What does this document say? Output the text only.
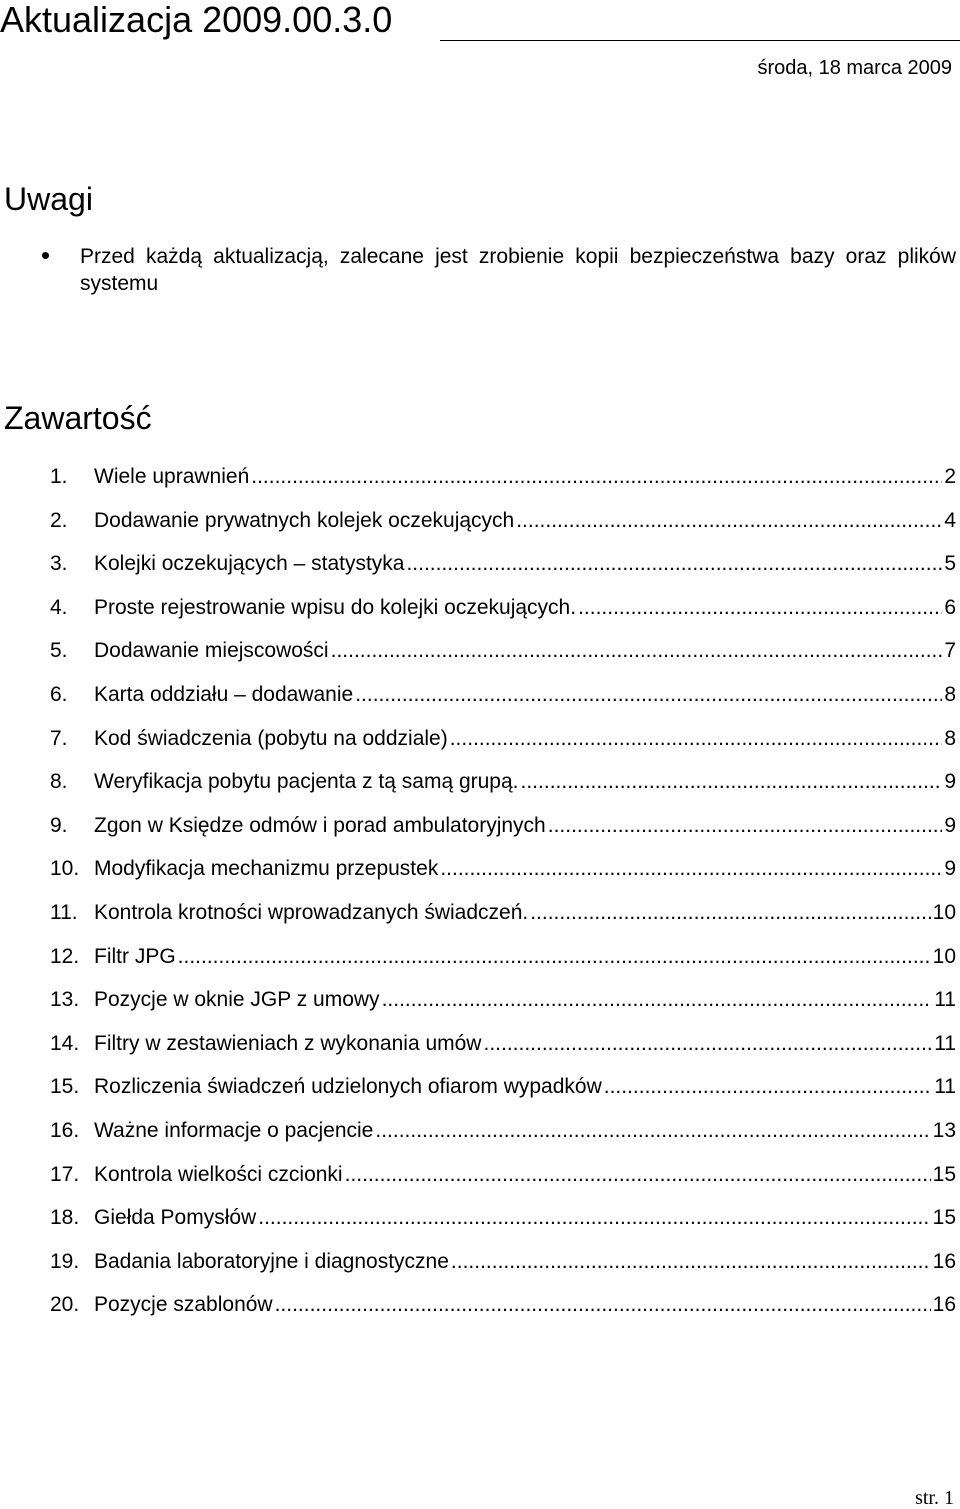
Aktualizacja 2009.00.3.0
środa, 18 marca 2009
Uwagi
Przed każdą aktualizacją, zalecane jest zrobienie kopii bezpieczeństwa bazy oraz plików systemu
Zawartość
1. Wiele uprawnień .....	2
2. Dodawanie prywatnych kolejek oczekujących .....	4
3. Kolejki oczekujących – statystyka .....	5
4. Proste rejestrowanie wpisu do kolejki oczekujących. .....	6
5. Dodawanie miejscowości .....	7
6. Karta oddziału – dodawanie .....	8
7. Kod świadczenia (pobytu na oddziale) .....	8
8. Weryfikacja pobytu pacjenta z tą samą grupą. .....	9
9. Zgon w Księdze odmów i porad ambulatoryjnych .....	9
10. Modyfikacja mechanizmu przepustek .....	9
11. Kontrola krotności wprowadzanych świadczeń. .....	10
12. Filtr JPG .....	10
13. Pozycje w oknie JGP z umowy .....	11
14. Filtry w zestawieniach z wykonania umów .....	11
15. Rozliczenia świadczeń udzielonych ofiarom wypadków .....	11
16. Ważne informacje o pacjencie .....	13
17. Kontrola wielkości czcionki .....	15
18. Giełda Pomysłów .....	15
19. Badania laboratoryjne i diagnostyczne .....	16
20. Pozycje szablonów .....	16
str. 1
